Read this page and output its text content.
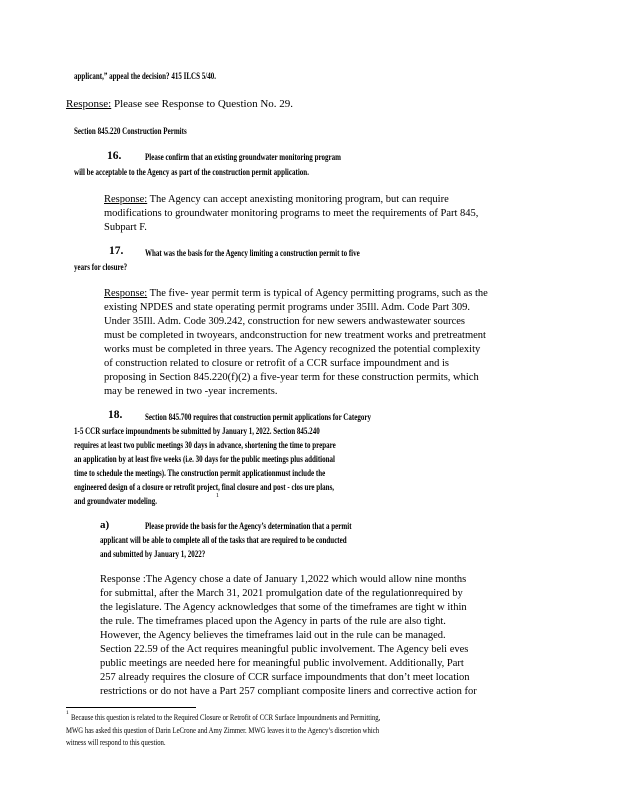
applicant,” appeal the decision? 415 ILCS 5/40.
Response: Please see Response to Question No. 29.
Section 845.220 Construction Permits
16.	Please confirm that an existing groundwater monitoring program
will be acceptable to the Agency as part of the construction permit application.
Response: The Agency can accept anexisting monitoring program, but can require
modifications to groundwater monitoring programs to meet the requirements of Part 845,
Subpart F.
17. What was the basis for the Agency limiting a construction permit to five
years for closure?
Response: The five- year permit term is typical of Agency permitting programs, such as the
existing NPDES and state operating permit programs under 35Ill. Adm. Code Part 309.
Under 35Ill. Adm. Code 309.242, construction for new sewers andwastewater sources
must be completed in twoyears, andconstruction for new treatment works and pretreatment
works must be completed in three years. The Agency recognized the potential complexity
of construction related to closure or retrofit of a CCR surface impoundment and is
proposing in Section 845.220(f)(2) a five-year term for these construction permits, which
may be renewed in two -year increments.
18.	Section 845.700 requires that construction permit applications for Category
1-5 CCR surface impoundments be submitted by January 1, 2022. Section 845.240
requires at least two public meetings 30 days in advance, shortening the time to prepare
an application by at least five weeks (i.e. 30 days for the public meetings plus additional
time to schedule the meetings). The construction permit applicationmust include the
engineered design of a closure or retrofit project, final closure and post - clos ure plans,
and groundwater modeling.	1
a)	Please provide the basis for the Agency’s determination that a permit
applicant will be able to complete all of the tasks that are required to be conducted
and submitted by January 1, 2022?
Response :The Agency chose a date of January 1,2022 which would allow nine months
for submittal, after the March 31, 2021 promulgation date of the regulationrequired by
the legislature. The Agency acknowledges that some of the timeframes are tight w ithin
the rule. The timeframes placed upon the Agency in parts of the rule are also tight.
However, the Agency believes the timeframes laid out in the rule can be managed.
Section 22.59 of the Act requires meaningful public involvement. The Agency beli eves
public meetings are needed here for meaningful public involvement. Additionally, Part
257 already requires the closure of CCR surface impoundments that don’t meet location
restrictions or do not have a Part 257 compliant composite liners and corrective action for
1 Because this question is related to the Required Closure or Retrofit of CCR Surface Impoundments and Permitting,
MWG has asked this question of Darin LeCrone and Amy Zimmer. MWG leaves it to the Agency’s discretion which
witness will respond to this question.
